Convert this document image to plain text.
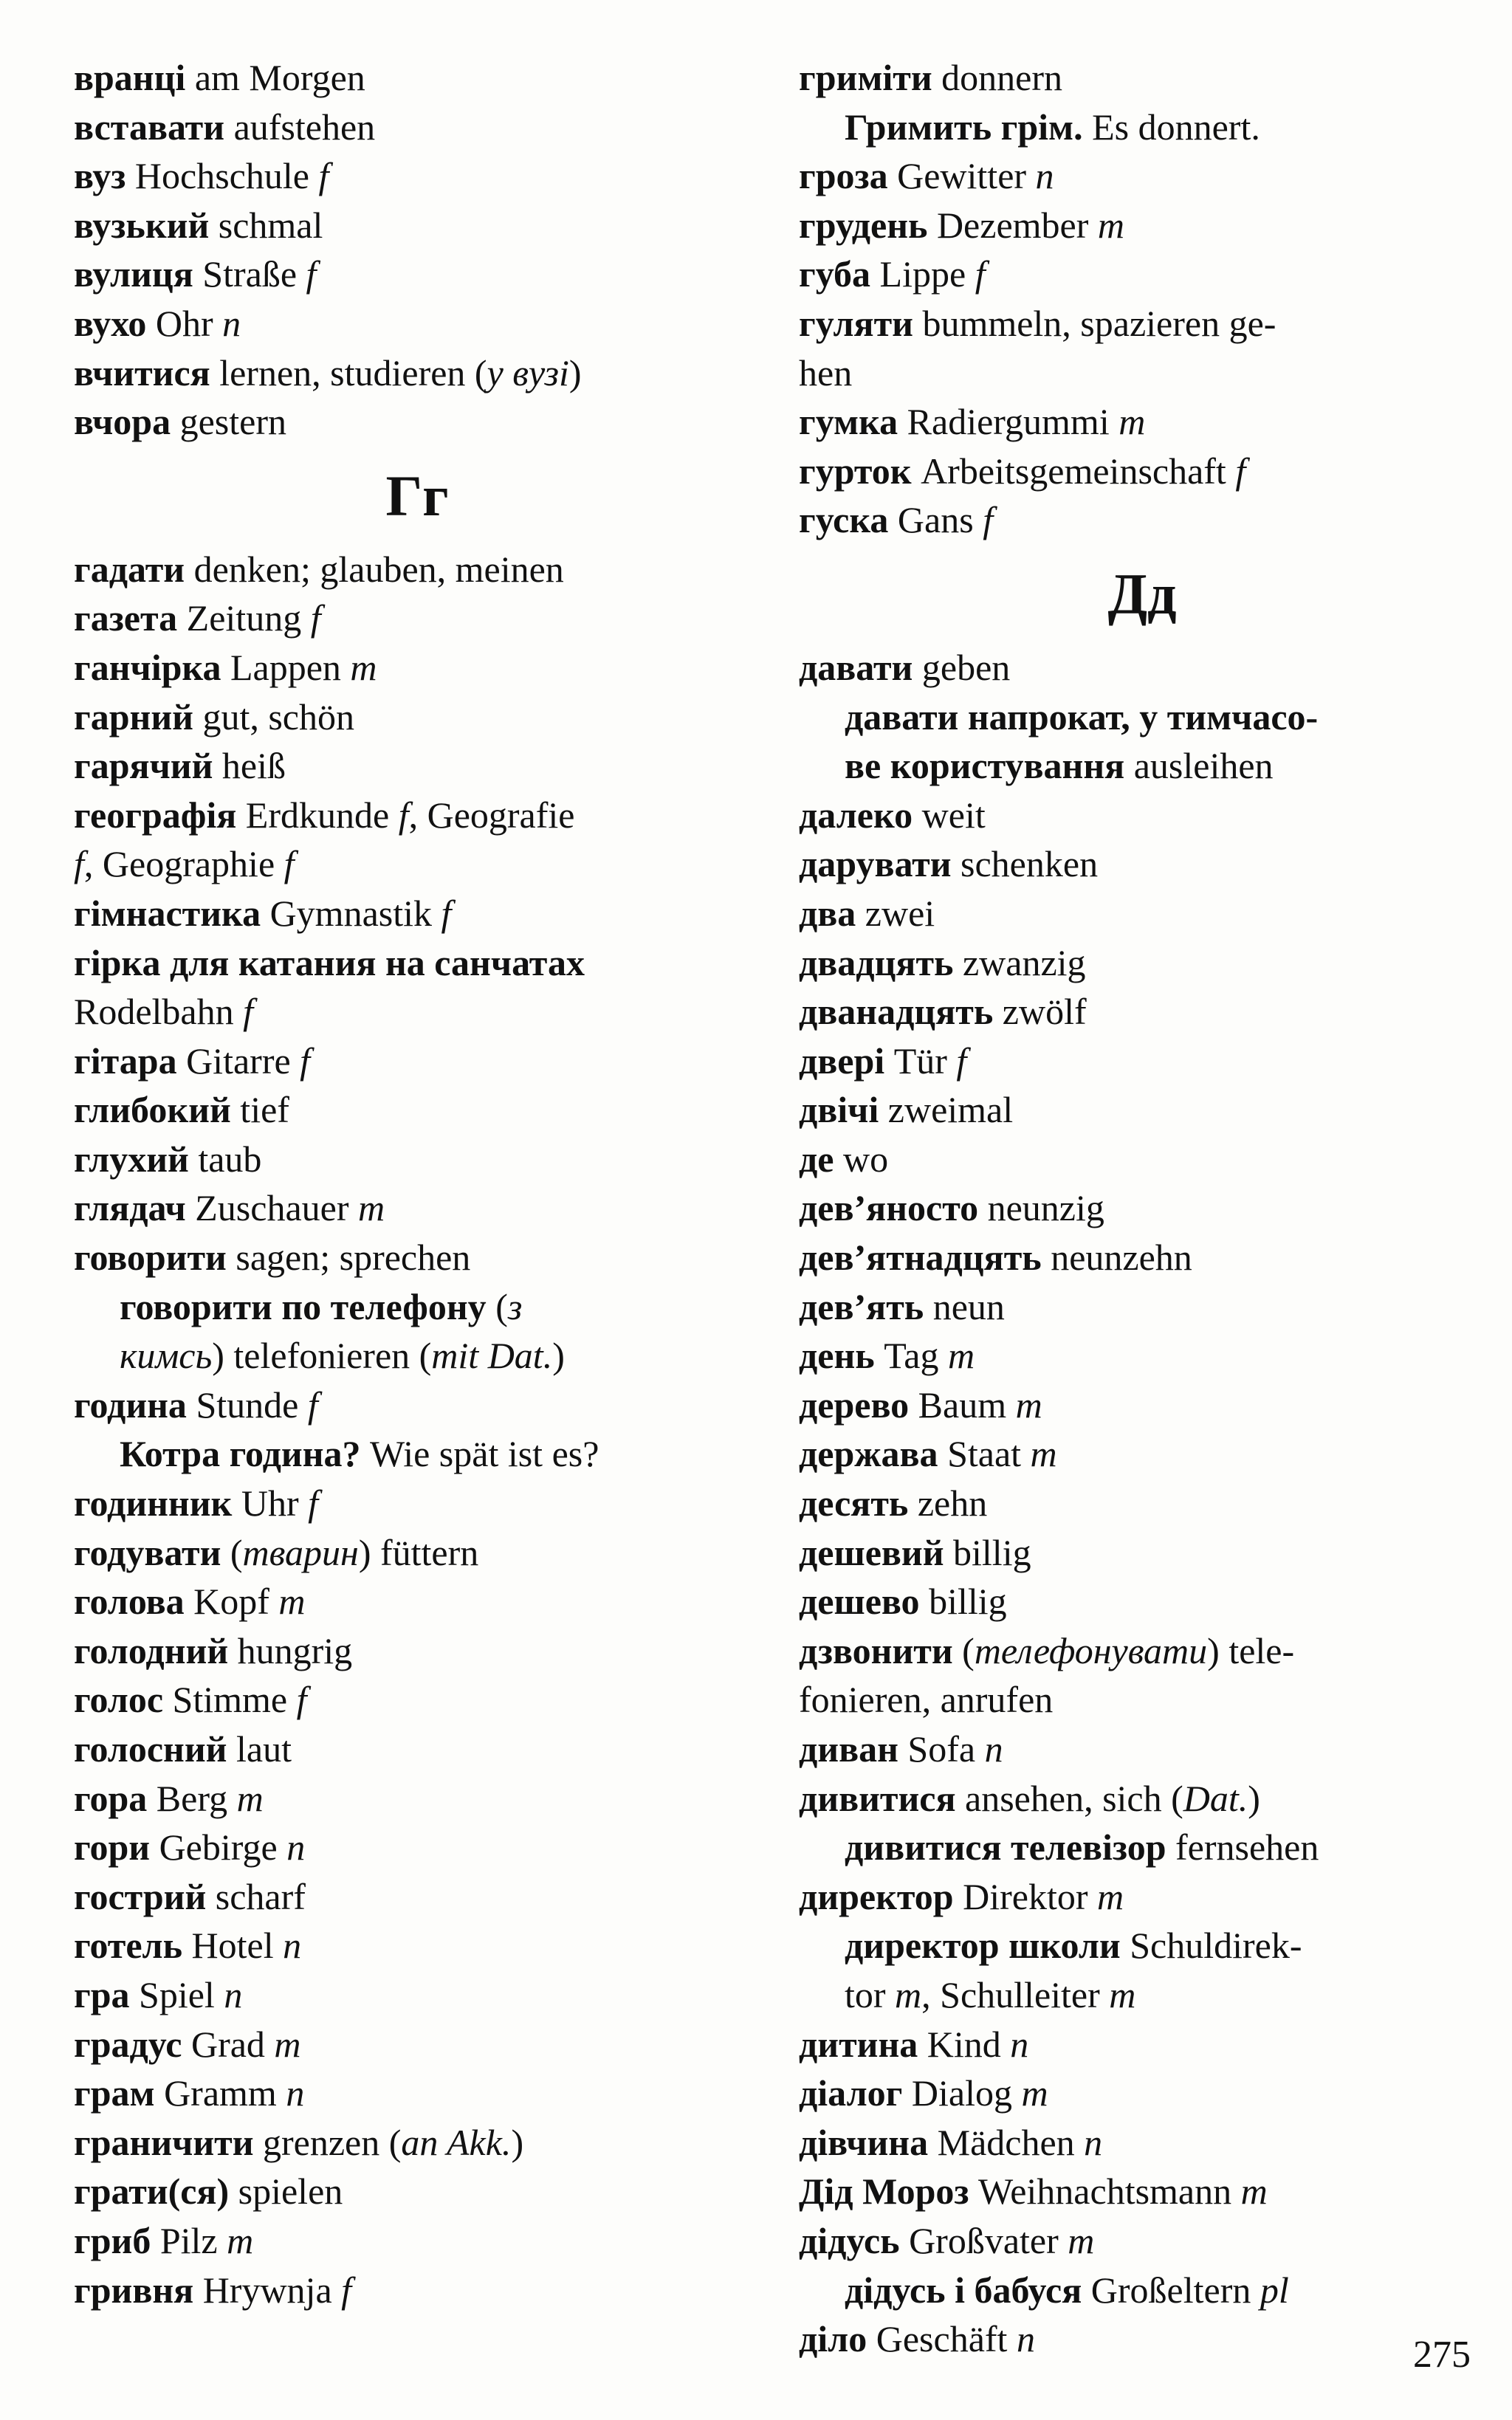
вранці am Morgen
вставати aufstehen
вуз Hochschule f
вузький schmal
вулиця Straße f
вухо Ohr n
вчитися lernen, studieren (у вузі)
вчора gestern
Гг
гадати denken; glauben, meinen
газета Zeitung f
ганчірка Lappen m
гарний gut, schön
гарячий heiß
географія Erdkunde f, Geografie
f, Geographie f
гімнастика Gymnastik f
гірка для катания на санчатах
Rodelbahn f
гітара Gitarre f
глибокий tief
глухий taub
глядач Zuschauer m
говорити sagen; sprechen
говорити по телефону (з
кимсь) telefonieren (mit Dat.)
година Stunde f
Котра година? Wie spät ist es?
годинник Uhr f
годувати (тварин) füttern
голова Kopf m
голодний hungrig
голос Stimme f
голосний laut
гора Berg m
гори Gebirge n
гострий scharf
готель Hotel n
гра Spiel n
градус Grad m
грам Gramm n
граничити grenzen (an Akk.)
грати(ся) spielen
гриб Pilz m
гривня Hrywnja f
гриміти donnern
Гримить грім. Es donnert.
гроза Gewitter n
грудень Dezember m
губа Lippe f
гуляти bummeln, spazieren ge-
hen
гумка Radiergummi m
гурток Arbeitsgemeinschaft f
гуска Gans f
Дд
давати geben
давати напрокат, у тимчасо-
ве користування ausleihen
далеко weit
дарувати schenken
два zwei
двадцять zwanzig
дванадцять zwölf
двері Tür f
двічі zweimal
де wo
дев’яносто neunzig
дев’ятнадцять neunzehn
дев’ять neun
день Tag m
дерево Baum m
держава Staat m
десять zehn
дешевий billig
дешево billig
дзвонити (телефонувати) tele-
fonieren, anrufen
диван Sofa n
дивитися ansehen, sich (Dat.)
дивитися телевізор fernsehen
директор Direktor m
директор школи Schuldirek-
tor m, Schulleiter m
дитина Kind n
діалог Dialog m
дівчина Mädchen n
Дід Мороз Weihnachtsmann m
дідусь Großvater m
дідусь і бабуся Großeltern pl
діло Geschäft n	275
